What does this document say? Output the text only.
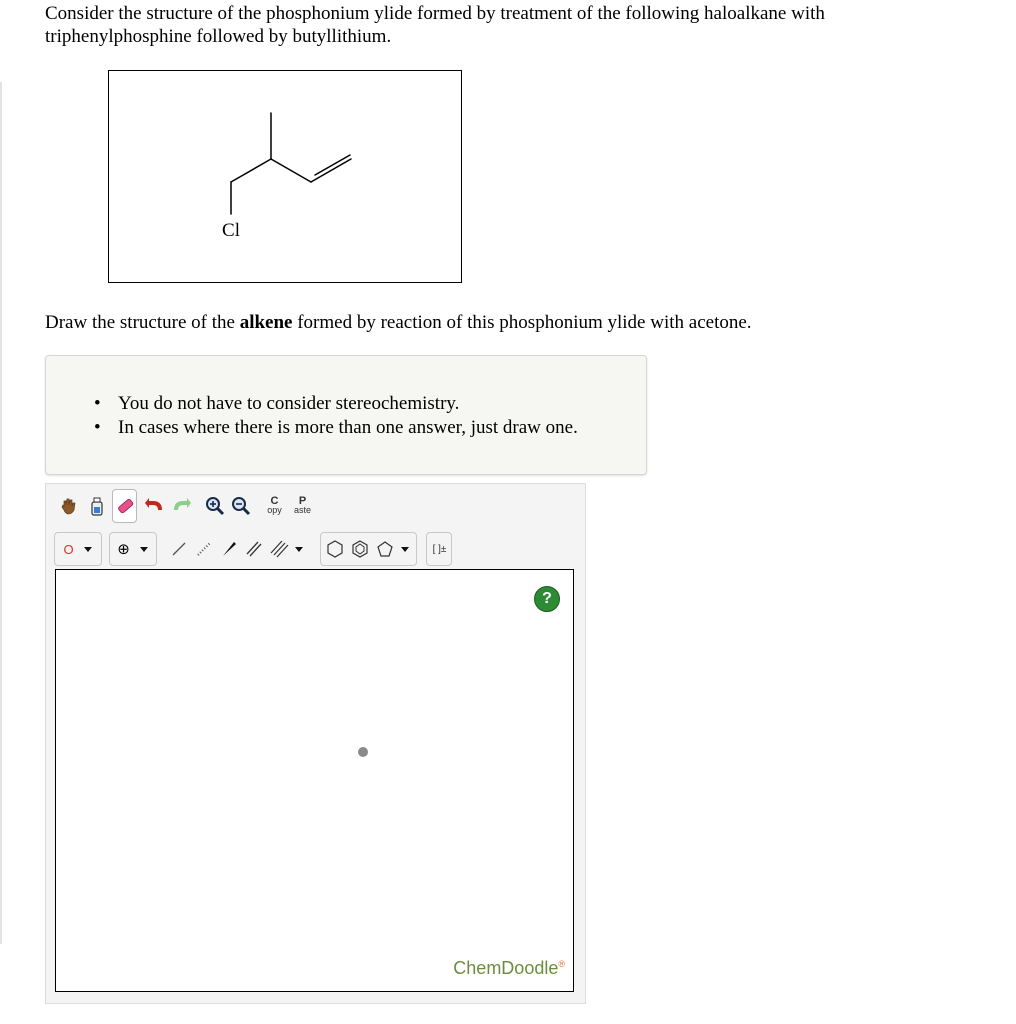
Consider the structure of the phosphonium ylide formed by treatment of the following haloalkane with triphenylphosphine followed by butyllithium.
Cl
Draw the structure of the alkene formed by reaction of this phosphonium ylide with acetone.
• You do not have to consider stereochemistry.
• In cases where there is more than one answer, just draw one.
C
opy
P
aste
O	⊕	[ ]±
?
ChemDoodle®
